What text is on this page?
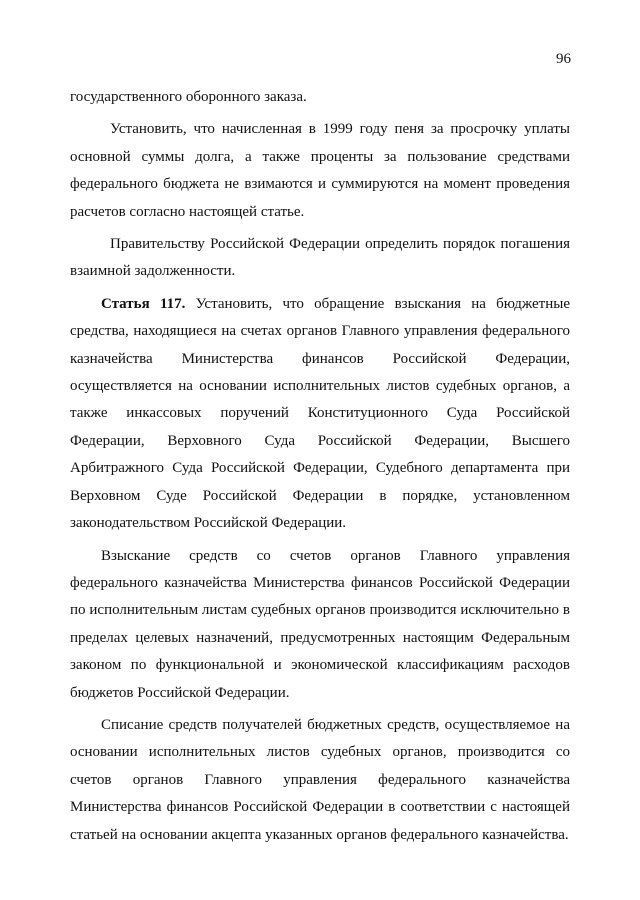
96

государственного оборонного заказа.

Установить, что начисленная в 1999 году пеня за просрочку уплаты основной суммы долга, а также проценты за пользование средствами федерального бюджета не взимаются и суммируются на момент проведения расчетов согласно настоящей статье.

Правительству Российской Федерации определить порядок погашения взаимной задолженности.

Статья 117. Установить, что обращение взыскания на бюджетные средства, находящиеся на счетах органов Главного управления федерального казначейства Министерства финансов Российской Федерации, осуществляется на основании исполнительных листов судебных органов, а также инкассовых поручений Конституционного Суда Российской Федерации, Верховного Суда Российской Федерации, Высшего Арбитражного Суда Российской Федерации, Судебного департамента при Верховном Суде Российской Федерации в порядке, установленном законодательством Российской Федерации.

Взыскание средств со счетов органов Главного управления федерального казначейства Министерства финансов Российской Федерации по исполнительным листам судебных органов производится исключительно в пределах целевых назначений, предусмотренных настоящим Федеральным законом по функциональной и экономической классификациям расходов бюджетов Российской Федерации.

Списание средств получателей бюджетных средств, осуществляемое на основании исполнительных листов судебных органов, производится со счетов органов Главного управления федерального казначейства Министерства финансов Российской Федерации в соответствии с настоящей статьей на основании акцепта указанных органов федерального казначейства.
